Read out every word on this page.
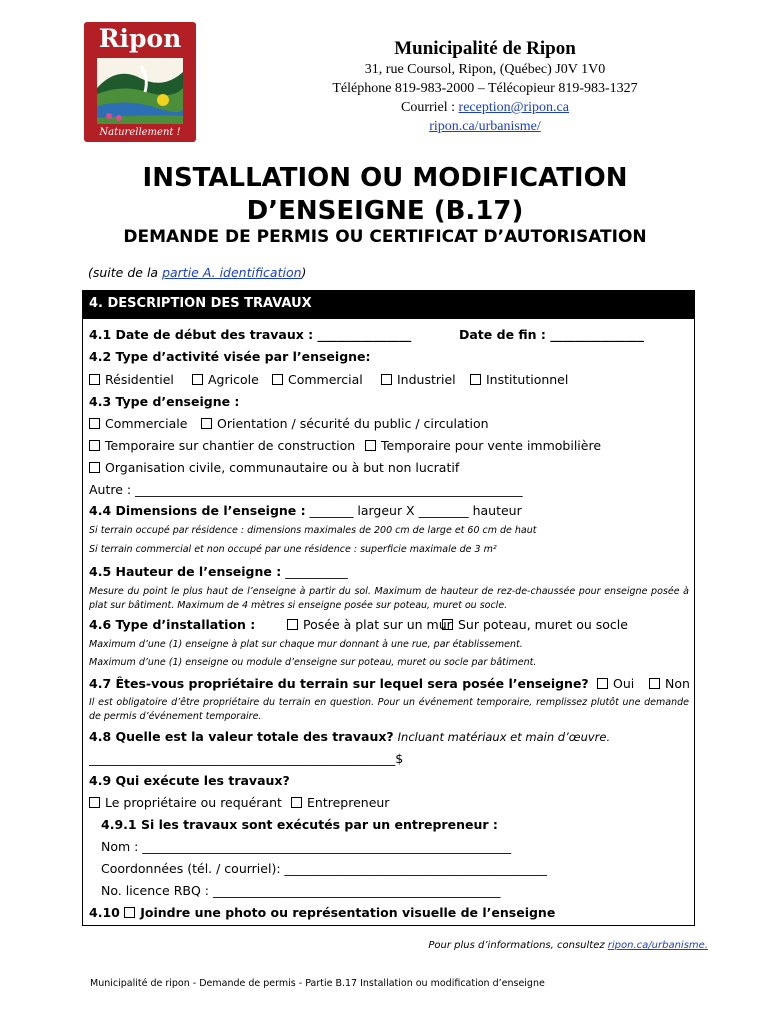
Ripon
Naturellement !
Municipalité de Ripon
31, rue Coursol, Ripon, (Québec) J0V 1V0
Téléphone 819-983-2000 – Télécopieur 819-983-1327
Courriel : reception@ripon.ca
ripon.ca/urbanisme/
INSTALLATION OU MODIFICATION
D’ENSEIGNE (B.17)
DEMANDE DE PERMIS OU CERTIFICAT D’AUTORISATION
(suite de la partie A. identification)
4. DESCRIPTION DES TRAVAUX
4.1 Date de début des travaux : _______________	Date de fin : _______________
4.2 Type d’activité visée par l’enseigne:
Résidentiel	Agricole	Commercial	Industriel	Institutionnel
4.3 Type d’enseigne :
Commerciale	Orientation / sécurité du public / circulation
Temporaire sur chantier de construction	Temporaire pour vente immobilière
Organisation civile, communautaire ou à but non lucratif
Autre : ______________________________________________________________
4.4 Dimensions de l’enseigne : _______ largeur X ________ hauteur
Si terrain occupé par résidence : dimensions maximales de 200 cm de large et 60 cm de haut
Si terrain commercial et non occupé par une résidence : superficie maximale de 3 m²
4.5 Hauteur de l’enseigne : __________
Mesure du point le plus haut de l’enseigne à partir du sol. Maximum de hauteur de rez-de-chaussée pour enseigne posée à plat sur bâtiment. Maximum de 4 mètres si enseigne posée sur poteau, muret ou socle.
4.6 Type d’installation :	Posée à plat sur un mur Sur poteau, muret ou socle
Maximum d’une (1) enseigne à plat sur chaque mur donnant à une rue, par établissement.
Maximum d’une (1) enseigne ou module d’enseigne sur poteau, muret ou socle par bâtiment.
4.7 Êtes-vous propriétaire du terrain sur lequel sera posée l’enseigne?	Oui	Non
Il est obligatoire d’être propriétaire du terrain en question. Pour un événement temporaire, remplissez plutôt une demande de permis d’événement temporaire.
4.8 Quelle est la valeur totale des travaux? Incluant matériaux et main d’œuvre.
_________________________________________________$
4.9 Qui exécute les travaux?
Le propriétaire ou requérant	Entrepreneur
4.9.1 Si les travaux sont exécutés par un entrepreneur :
Nom : ___________________________________________________________
Coordonnées (tél. / courriel): __________________________________________
No. licence RBQ : ______________________________________________
4.10 Joindre une photo ou représentation visuelle de l’enseigne
Pour plus d’informations, consultez ripon.ca/urbanisme.
Municipalité de ripon - Demande de permis - Partie B.17 Installation ou modification d’enseigne
